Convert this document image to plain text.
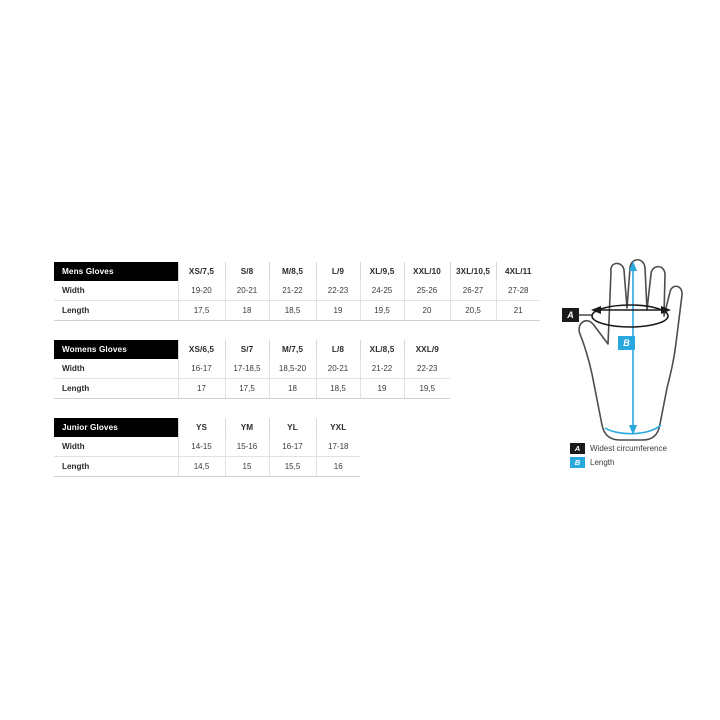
Mens Gloves	XS/7,5	S/8	M/8,5	L/9	XL/9,5	XXL/10	3XL/10,5	4XL/11
Width	19-20	20-21	21-22	22-23	24-25	25-26	26-27	27-28
Length	17,5	18	18,5	19	19,5	20	20,5	21
Womens Gloves	XS/6,5	S/7	M/7,5	L/8	XL/8,5	XXL/9		
Width	16-17	17-18,5	18,5-20	20-21	21-22	22-23		
Length	17	17,5	18	18,5	19	19,5		
Junior Gloves	YS	YM	YL	YXL				
Width	14-15	15-16	16-17	17-18				
Length	14,5	15	15,5	16				
A
B
A	Widest circumference
B	Length
